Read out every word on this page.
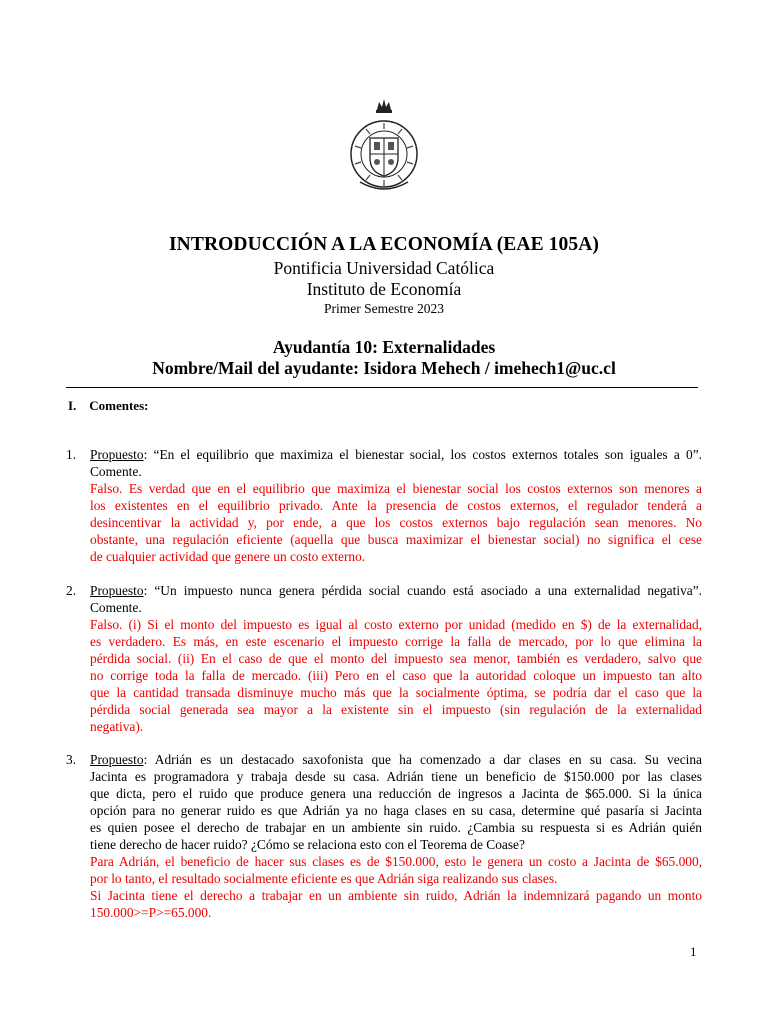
INTRODUCCIÓN A LA ECONOMÍA (EAE 105A)
Pontificia Universidad Católica
Instituto de Economía
Primer Semestre 2023
Ayudantía 10: Externalidades
Nombre/Mail del ayudante: Isidora Mehech / imehech1@uc.cl
I. Comentes:
1.	Propuesto: “En el equilibrio que maximiza el bienestar social, los costos externos totales son iguales a 0”.
Comente.
Falso. Es verdad que en el equilibrio que maximiza el bienestar social los costos externos son menores a
los existentes en el equilibrio privado. Ante la presencia de costos externos, el regulador tenderá a
desincentivar la actividad y, por ende, a que los costos externos bajo regulación sean menores. No
obstante, una regulación eficiente (aquella que busca maximizar el bienestar social) no significa el cese
de cualquier actividad que genere un costo externo.
2.	Propuesto: “Un impuesto nunca genera pérdida social cuando está asociado a una externalidad negativa”.
Comente.
Falso. (i) Si el monto del impuesto es igual al costo externo por unidad (medido en $) de la externalidad,
es verdadero. Es más, en este escenario el impuesto corrige la falla de mercado, por lo que elimina la
pérdida social. (ii) En el caso de que el monto del impuesto sea menor, también es verdadero, salvo que
no corrige toda la falla de mercado. (iii) Pero en el caso que la autoridad coloque un impuesto tan alto
que la cantidad transada disminuye mucho más que la socialmente óptima, se podría dar el caso que la
pérdida social generada sea mayor a la existente sin el impuesto (sin regulación de la externalidad
negativa).
3.	Propuesto: Adrián es un destacado saxofonista que ha comenzado a dar clases en su casa. Su vecina
Jacinta es programadora y trabaja desde su casa. Adrián tiene un beneficio de $150.000 por las clases
que dicta, pero el ruido que produce genera una reducción de ingresos a Jacinta de $65.000. Si la única
opción para no generar ruido es que Adrián ya no haga clases en su casa, determine qué pasaría si Jacinta
es quien posee el derecho de trabajar en un ambiente sin ruido. ¿Cambia su respuesta si es Adrián quién
tiene derecho de hacer ruido? ¿Cómo se relaciona esto con el Teorema de Coase?
Para Adrián, el beneficio de hacer sus clases es de $150.000, esto le genera un costo a Jacinta de $65.000,
por lo tanto, el resultado socialmente eficiente es que Adrián siga realizando sus clases.
Si Jacinta tiene el derecho a trabajar en un ambiente sin ruido, Adrián la indemnizará pagando un monto
150.000>=P>=65.000.
1
